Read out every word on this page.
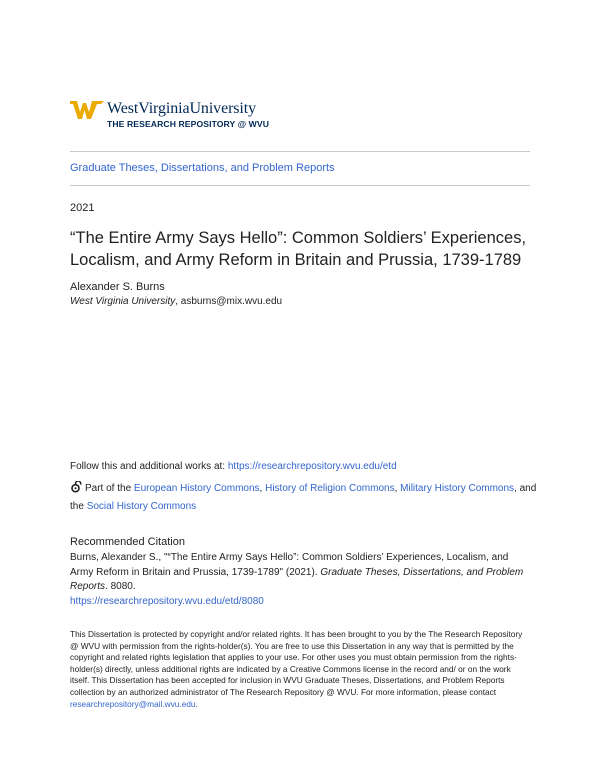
WestVirginiaUniversity
THE RESEARCH REPOSITORY @ WVU
Graduate Theses, Dissertations, and Problem Reports
2021
“The Entire Army Says Hello”: Common Soldiers’ Experiences, Localism, and Army Reform in Britain and Prussia, 1739-1789
Alexander S. Burns
West Virginia University, asburns@mix.wvu.edu
Follow this and additional works at: https://researchrepository.wvu.edu/etd
Part of the European History Commons, History of Religion Commons, Military History Commons, and
the Social History Commons
Recommended Citation
Burns, Alexander S., "“The Entire Army Says Hello”: Common Soldiers’ Experiences, Localism, and Army Reform in Britain and Prussia, 1739-1789" (2021). Graduate Theses, Dissertations, and Problem Reports. 8080.
https://researchrepository.wvu.edu/etd/8080
This Dissertation is protected by copyright and/or related rights. It has been brought to you by the The Research Repository @ WVU with permission from the rights-holder(s). You are free to use this Dissertation in any way that is permitted by the copyright and related rights legislation that applies to your use. For other uses you must obtain permission from the rights-holder(s) directly, unless additional rights are indicated by a Creative Commons license in the record and/ or on the work itself. This Dissertation has been accepted for inclusion in WVU Graduate Theses, Dissertations, and Problem Reports collection by an authorized administrator of The Research Repository @ WVU. For more information, please contact researchrepository@mail.wvu.edu.
